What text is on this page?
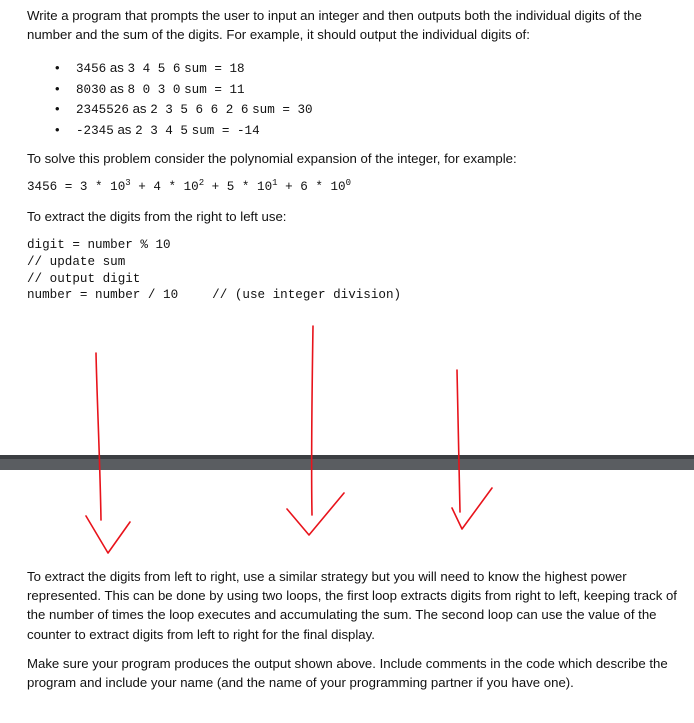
Write a program that prompts the user to input an integer and then outputs both the individual digits of the number and the sum of the digits. For example, it should output the individual digits of:

• 3456 as 3 4 5 6 sum = 18
• 8030 as 8 0 3 0 sum = 11
• 2345526 as 2 3 5 6 6 2 6 sum = 30
• -2345 as 2 3 4 5 sum = -14

To solve this problem consider the polynomial expansion of the integer, for example:

$3456 = 3 * 10^3 + 4 * 10^2 + 5 * 10^1 + 6 * 10^0$

To extract the digits from the right to left use:

digit = number % 10
// update sum
// output digit
number = number / 10	// (use integer division)

To extract the digits from left to right, use a similar strategy but you will need to know the highest power represented. This can be done by using two loops, the first loop extracts digits from right to left, keeping track of the number of times the loop executes and accumulating the sum. The second loop can use the value of the counter to extract digits from left to right for the final display.

Make sure your program produces the output shown above. Include comments in the code which describe the program and include your name (and the name of your programming partner if you have one).
